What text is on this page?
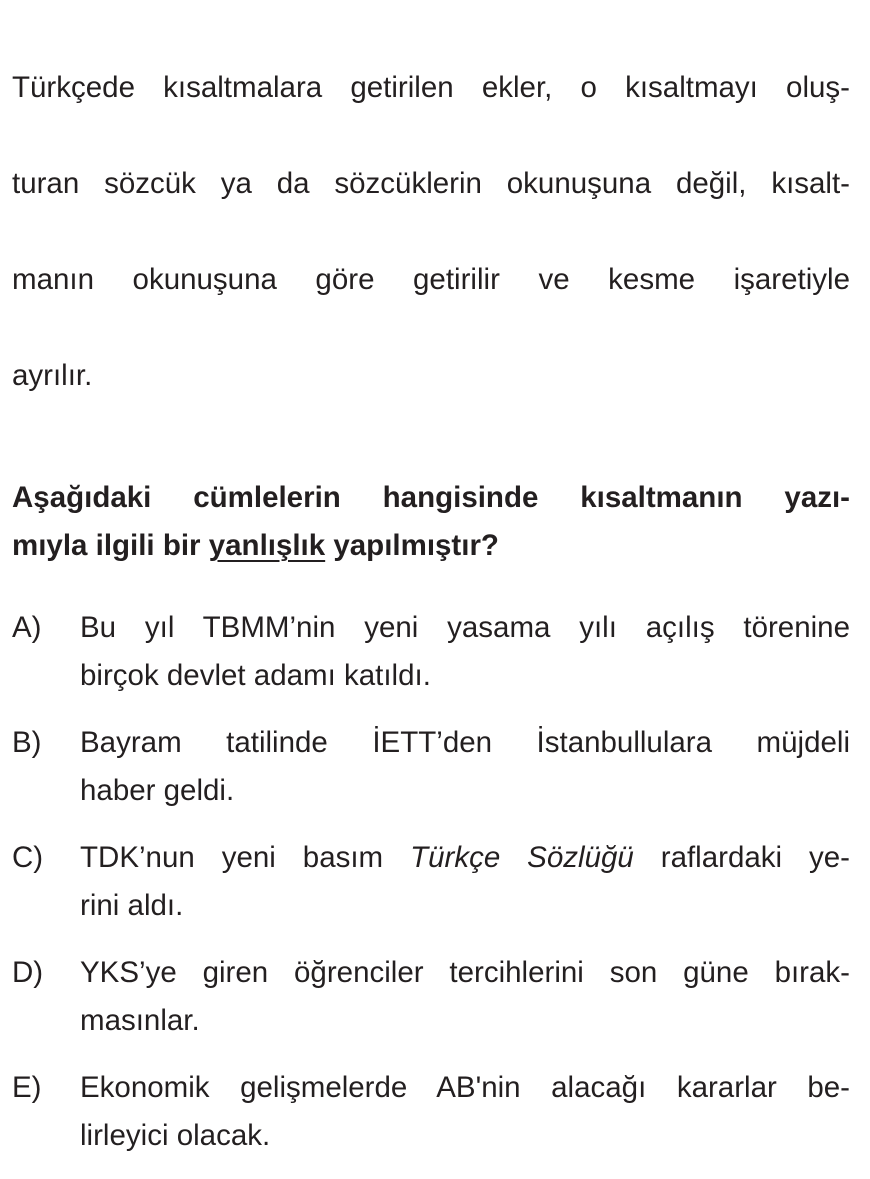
Türkçede kısaltmalara getirilen ekler, o kısaltmayı oluş-

turan sözcük ya da sözcüklerin okunuşuna değil, kısalt-

manın okunuşuna göre getirilir ve kesme işaretiyle

ayrılır.

Aşağıdaki cümlelerin hangisinde kısaltmanın yazı-
mıyla ilgili bir yanlışlık yapılmıştır?
A)	Bu yıl TBMM’nin yeni yasama yılı açılış törenine
birçok devlet adamı katıldı.
B)	Bayram tatilinde İETT’den İstanbullulara müjdeli
haber geldi.
C)	TDK’nun yeni basım Türkçe Sözlüğü raflardaki ye-
rini aldı.
D)	YKS’ye giren öğrenciler tercihlerini son güne bırak-
masınlar.
E)	Ekonomik gelişmelerde AB'nin alacağı kararlar be-
lirleyici olacak.
